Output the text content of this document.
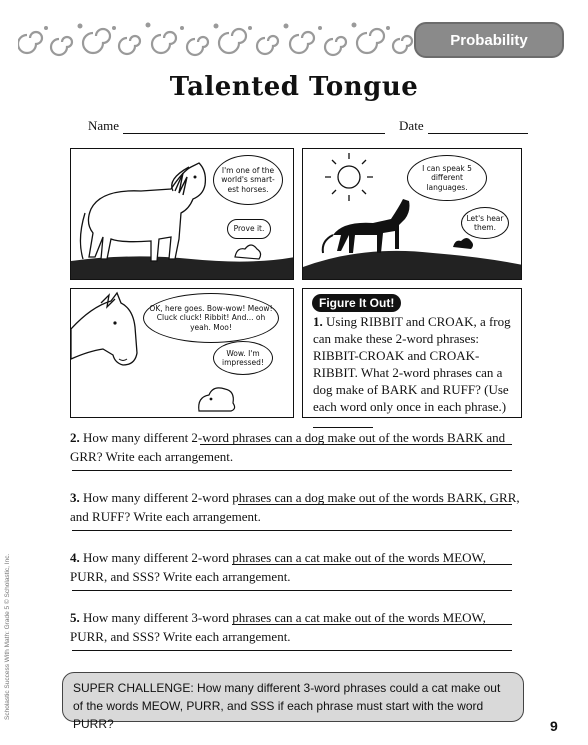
Probability
Talented Tongue
Name	Date
I'm one of the world's smart-est horses.
Prove it.
I can speak 5 different languages.
Let's hear them.
OK, here goes. Bow-wow! Meow! Cluck cluck! Ribbit! And... oh yeah. Moo!
Wow. I'm impressed!
Figure It Out!
1. Using RIBBIT and CROAK, a frog can make these 2-word phrases: RIBBIT-CROAK and CROAK-RIBBIT. What 2-word phrases can a dog make of BARK and RUFF? (Use each word only once in each phrase.)
2. How many different 2-word phrases can a dog make out of the words BARK and GRR? Write each arrangement.
3. How many different 2-word phrases can a dog make out of the words BARK, GRR, and RUFF? Write each arrangement.
4. How many different 2-word phrases can a cat make out of the words MEOW, PURR, and SSS? Write each arrangement.
5. How many different 3-word phrases can a cat make out of the words MEOW, PURR, and SSS? Write each arrangement.
SUPER CHALLENGE: How many different 3-word phrases could a cat make out of the words MEOW, PURR, and SSS if each phrase must start with the word PURR?
Scholastic Success With Math: Grade 5 © Scholastic, Inc.
9
